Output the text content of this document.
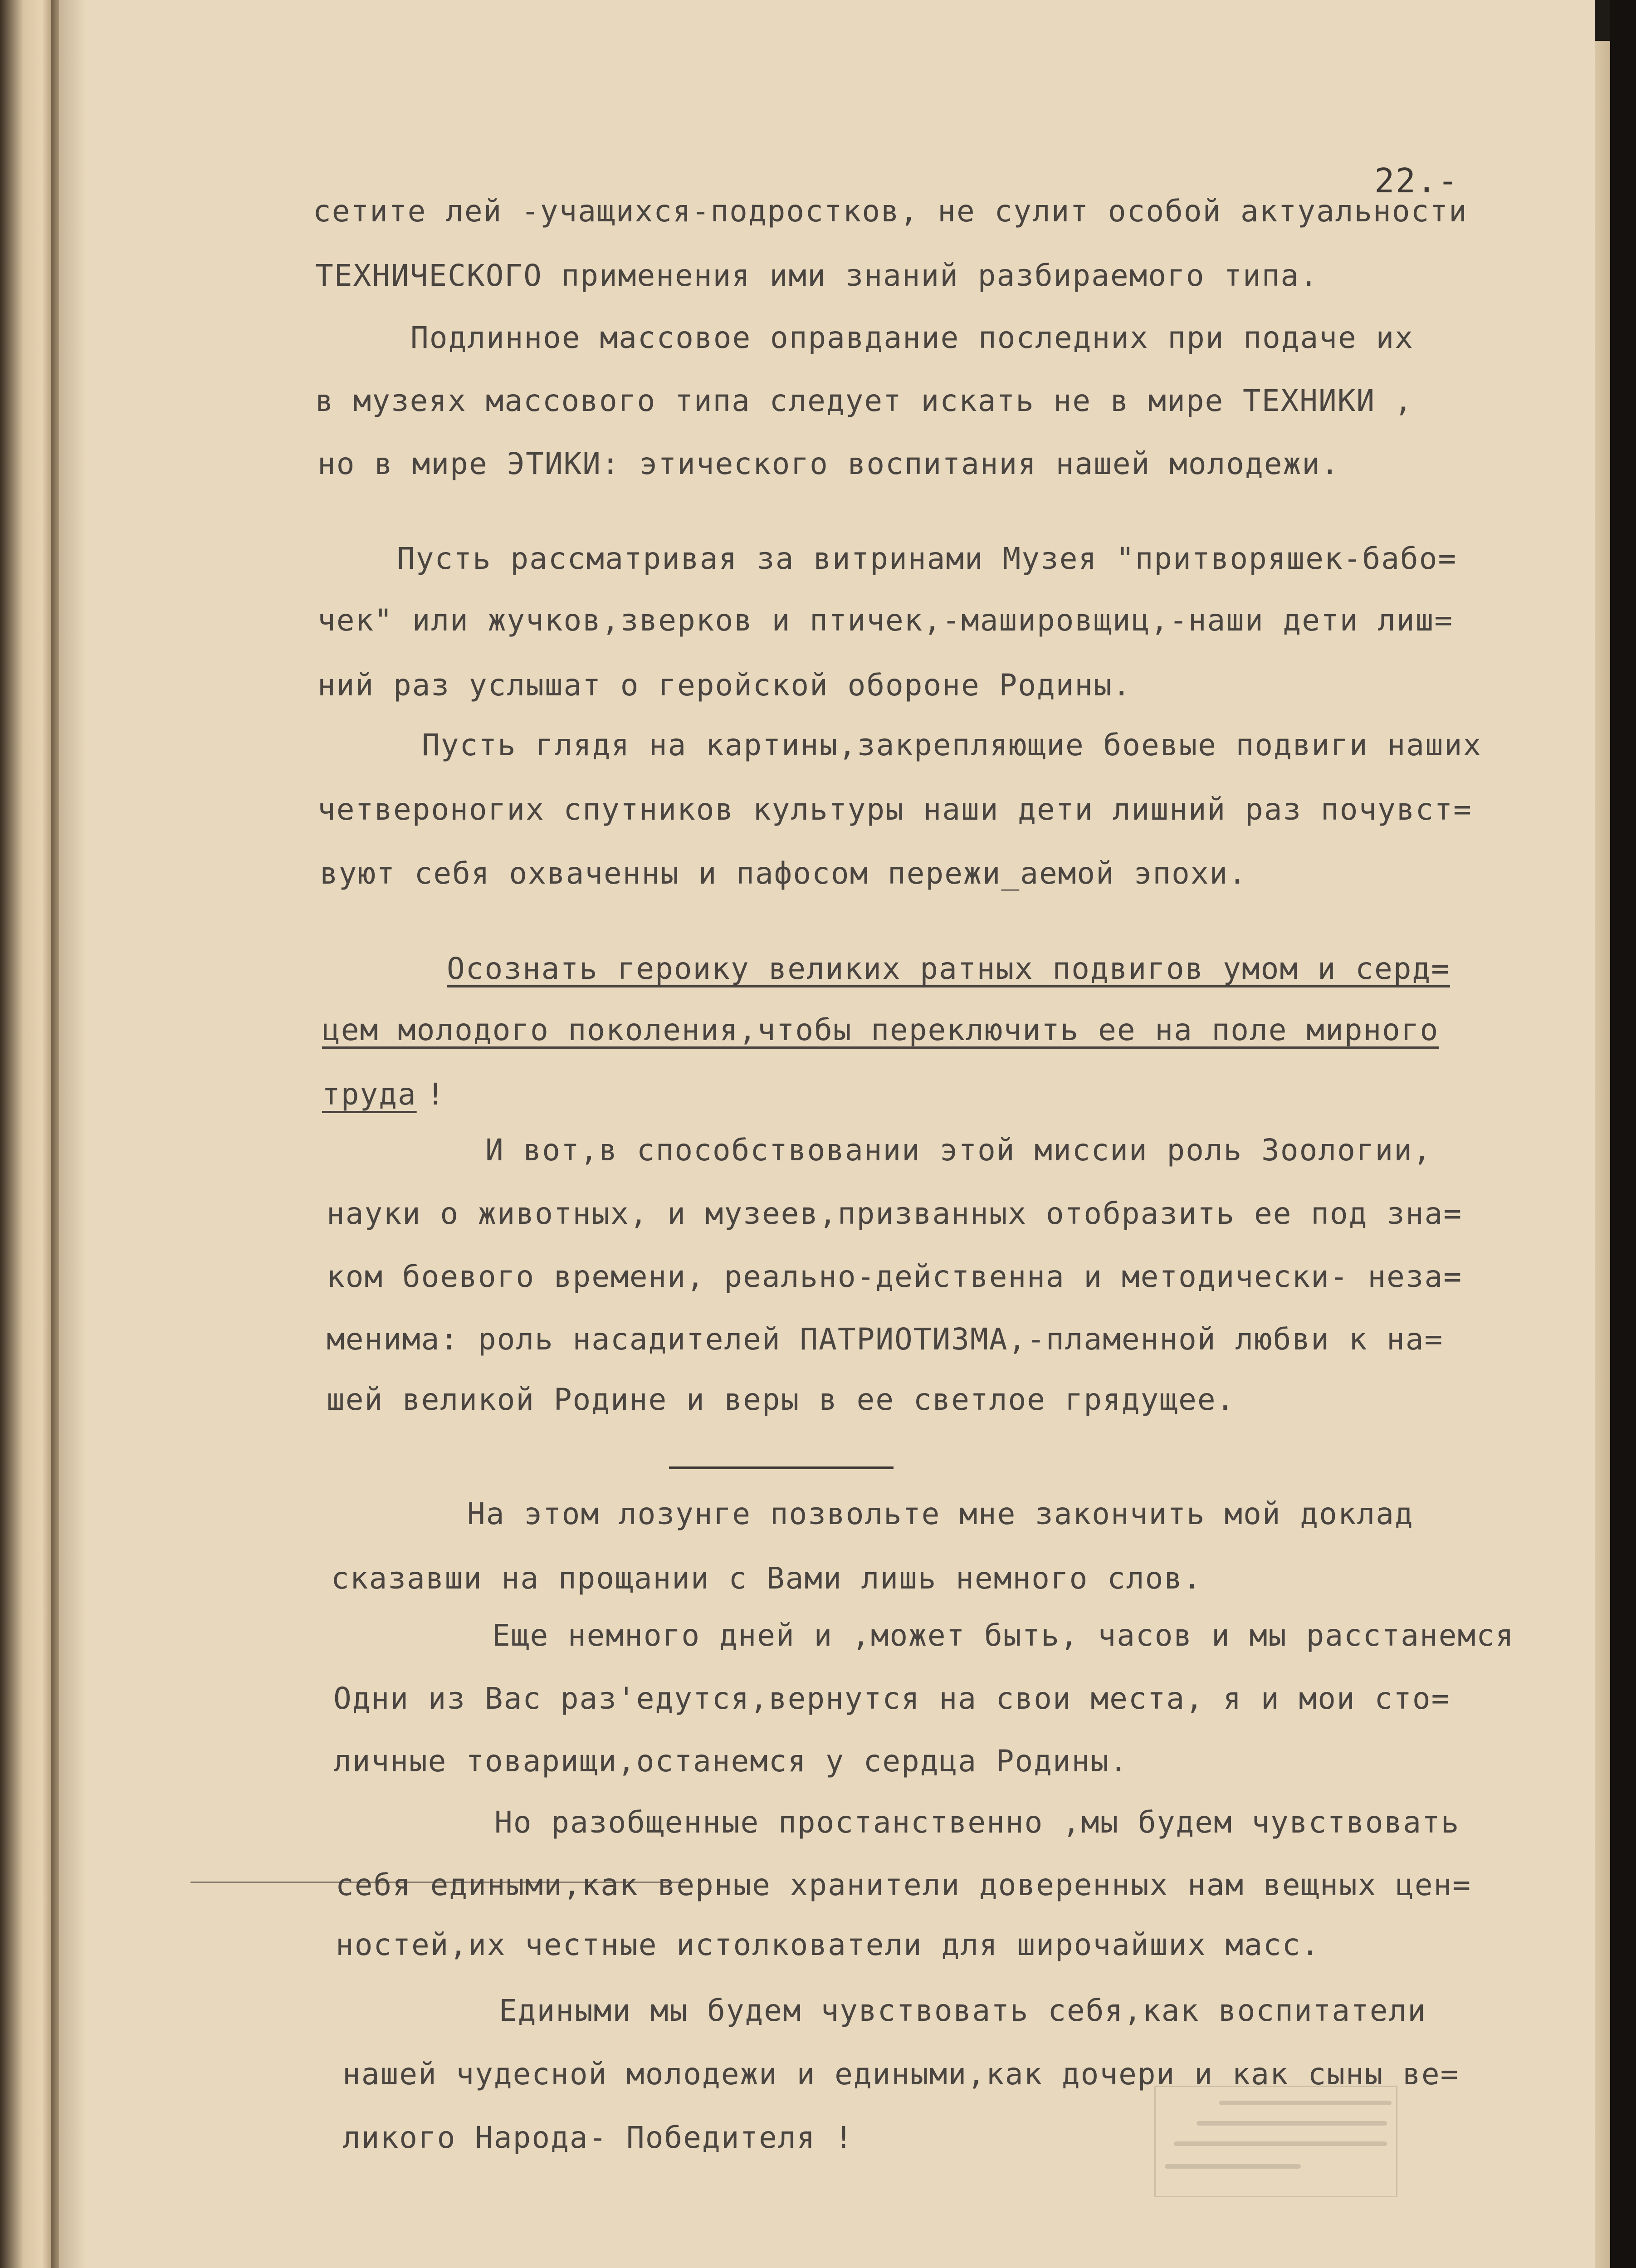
22.-

сетите лей -учащихся-подростков, не сулит особой актуальности

ТЕХНИЧЕСКОГО применения ими знаний разбираемого типа.

Подлинное массовое оправдание последних при подаче их

в музеях массового типа следует искать не в мире ТЕХНИКИ ,

но в мире ЭТИКИ: этического воспитания нашей молодежи.

Пусть рассматривая за витринами Музея "притворяшек-бабо=

чек" или жучков,зверков и птичек,-машировщиц,-наши дети лиш=

ний раз услышат о геройской обороне Родины.

Пусть глядя на картины,закрепляющие боевые подвиги наших

четвероногих спутников культуры наши дети лишний раз почувст=

вуют себя охваченны и пафосом пережи_аемой эпохи.

Осознать героику великих ратных подвигов умом и серд=

цем молодого поколения,чтобы переключить ее на поле мирного

труда !

И вот,в способствовании этой миссии роль Зоологии,

науки о животных, и музеев,призванных отобразить ее под зна=

ком боевого времени, реально-действенна и методически- неза=

менима: роль насадителей ПАТРИОТИЗМА,-пламенной любви к на=

шей великой Родине и веры в ее светлое грядущее.

На этом лозунге позвольте мне закончить мой доклад

сказавши на прощании с Вами лишь немного слов.

Еще немного дней и ,может быть, часов и мы расстанемся

Одни из Вас раз'едутся,вернутся на свои места, я и мои сто=

личные товарищи,останемся у сердца Родины.

Но разобщенные простанственно ,мы будем чувствовать

себя едиными,как верные хранители доверенных нам вещных цен=

ностей,их честные истолкователи для широчайших масс.

Едиными мы будем чувствовать себя,как воспитатели

нашей чудесной молодежи и едиными,как дочери и как сыны ве=

ликого Народа- Победителя !
